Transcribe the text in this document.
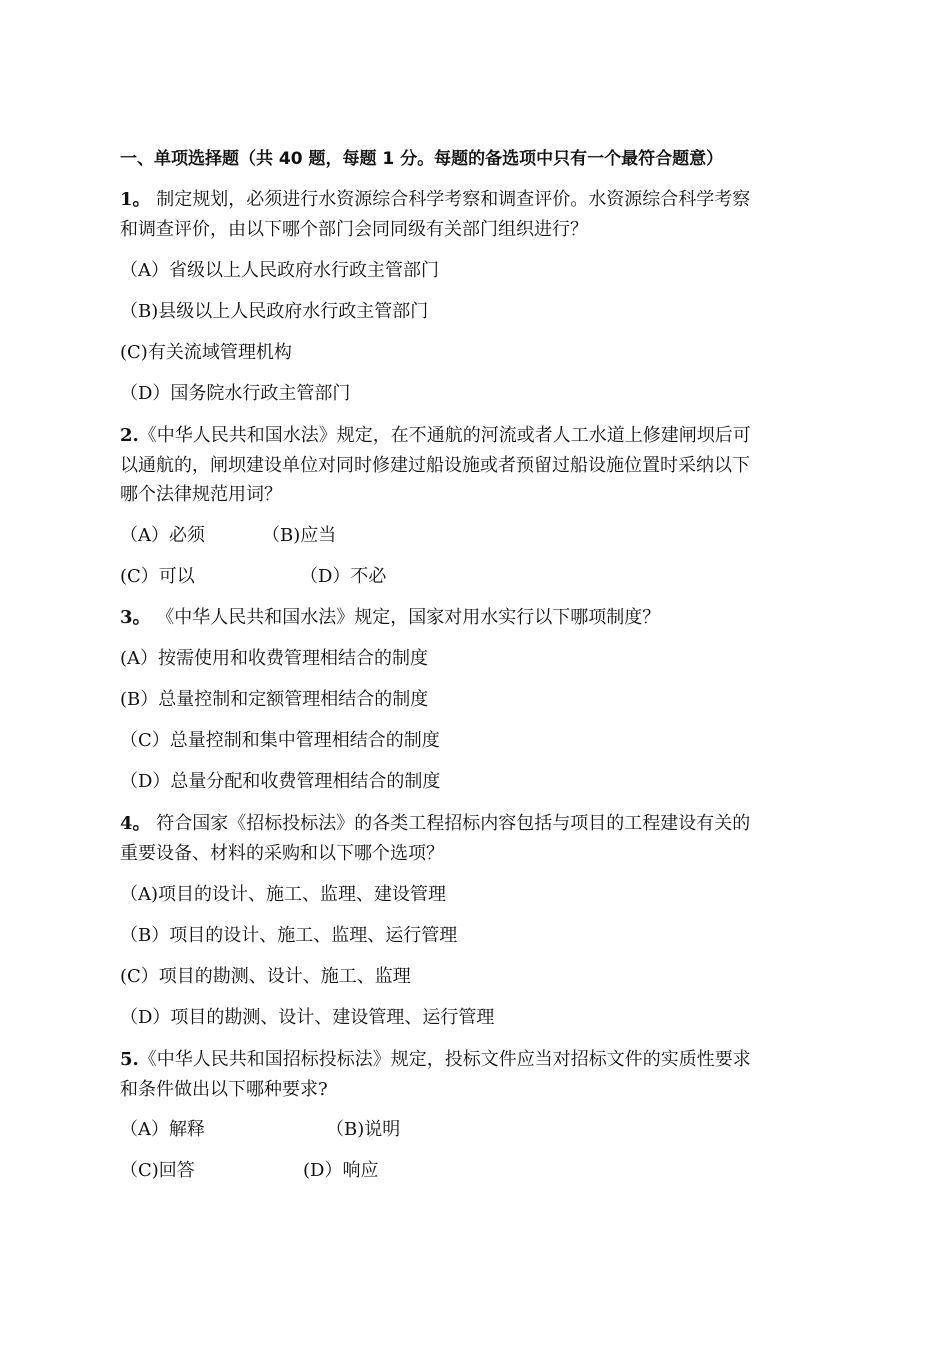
一、单项选择题（共 40 题，每题 1 分。每题的备选项中只有一个最符合题意）
1。 制定规划，必须进行水资源综合科学考察和调查评价。水资源综合科学考察
和调查评价，由以下哪个部门会同同级有关部门组织进行？
（A）省级以上人民政府水行政主管部门
（B)县级以上人民政府水行政主管部门
(C)有关流域管理机构
（D）国务院水行政主管部门
2.《中华人民共和国水法》规定，在不通航的河流或者人工水道上修建闸坝后可
以通航的，闸坝建设单位对同时修建过船设施或者预留过船设施位置时采纳以下
哪个法律规范用词？
（A）必须	（B)应当
(C）可以	（D）不必
3。 《中华人民共和国水法》规定，国家对用水实行以下哪项制度？
(A）按需使用和收费管理相结合的制度
(B）总量控制和定额管理相结合的制度
（C）总量控制和集中管理相结合的制度
（D）总量分配和收费管理相结合的制度
4。 符合国家《招标投标法》的各类工程招标内容包括与项目的工程建设有关的
重要设备、材料的采购和以下哪个选项？
（A)项目的设计、施工、监理、建设管理
（B）项目的设计、施工、监理、运行管理
(C）项目的勘测、设计、施工、监理
（D）项目的勘测、设计、建设管理、运行管理
5.《中华人民共和国招标投标法》规定，投标文件应当对招标文件的实质性要求
和条件做出以下哪种要求?
（A）解释	（B)说明
（C)回答	(D）响应
